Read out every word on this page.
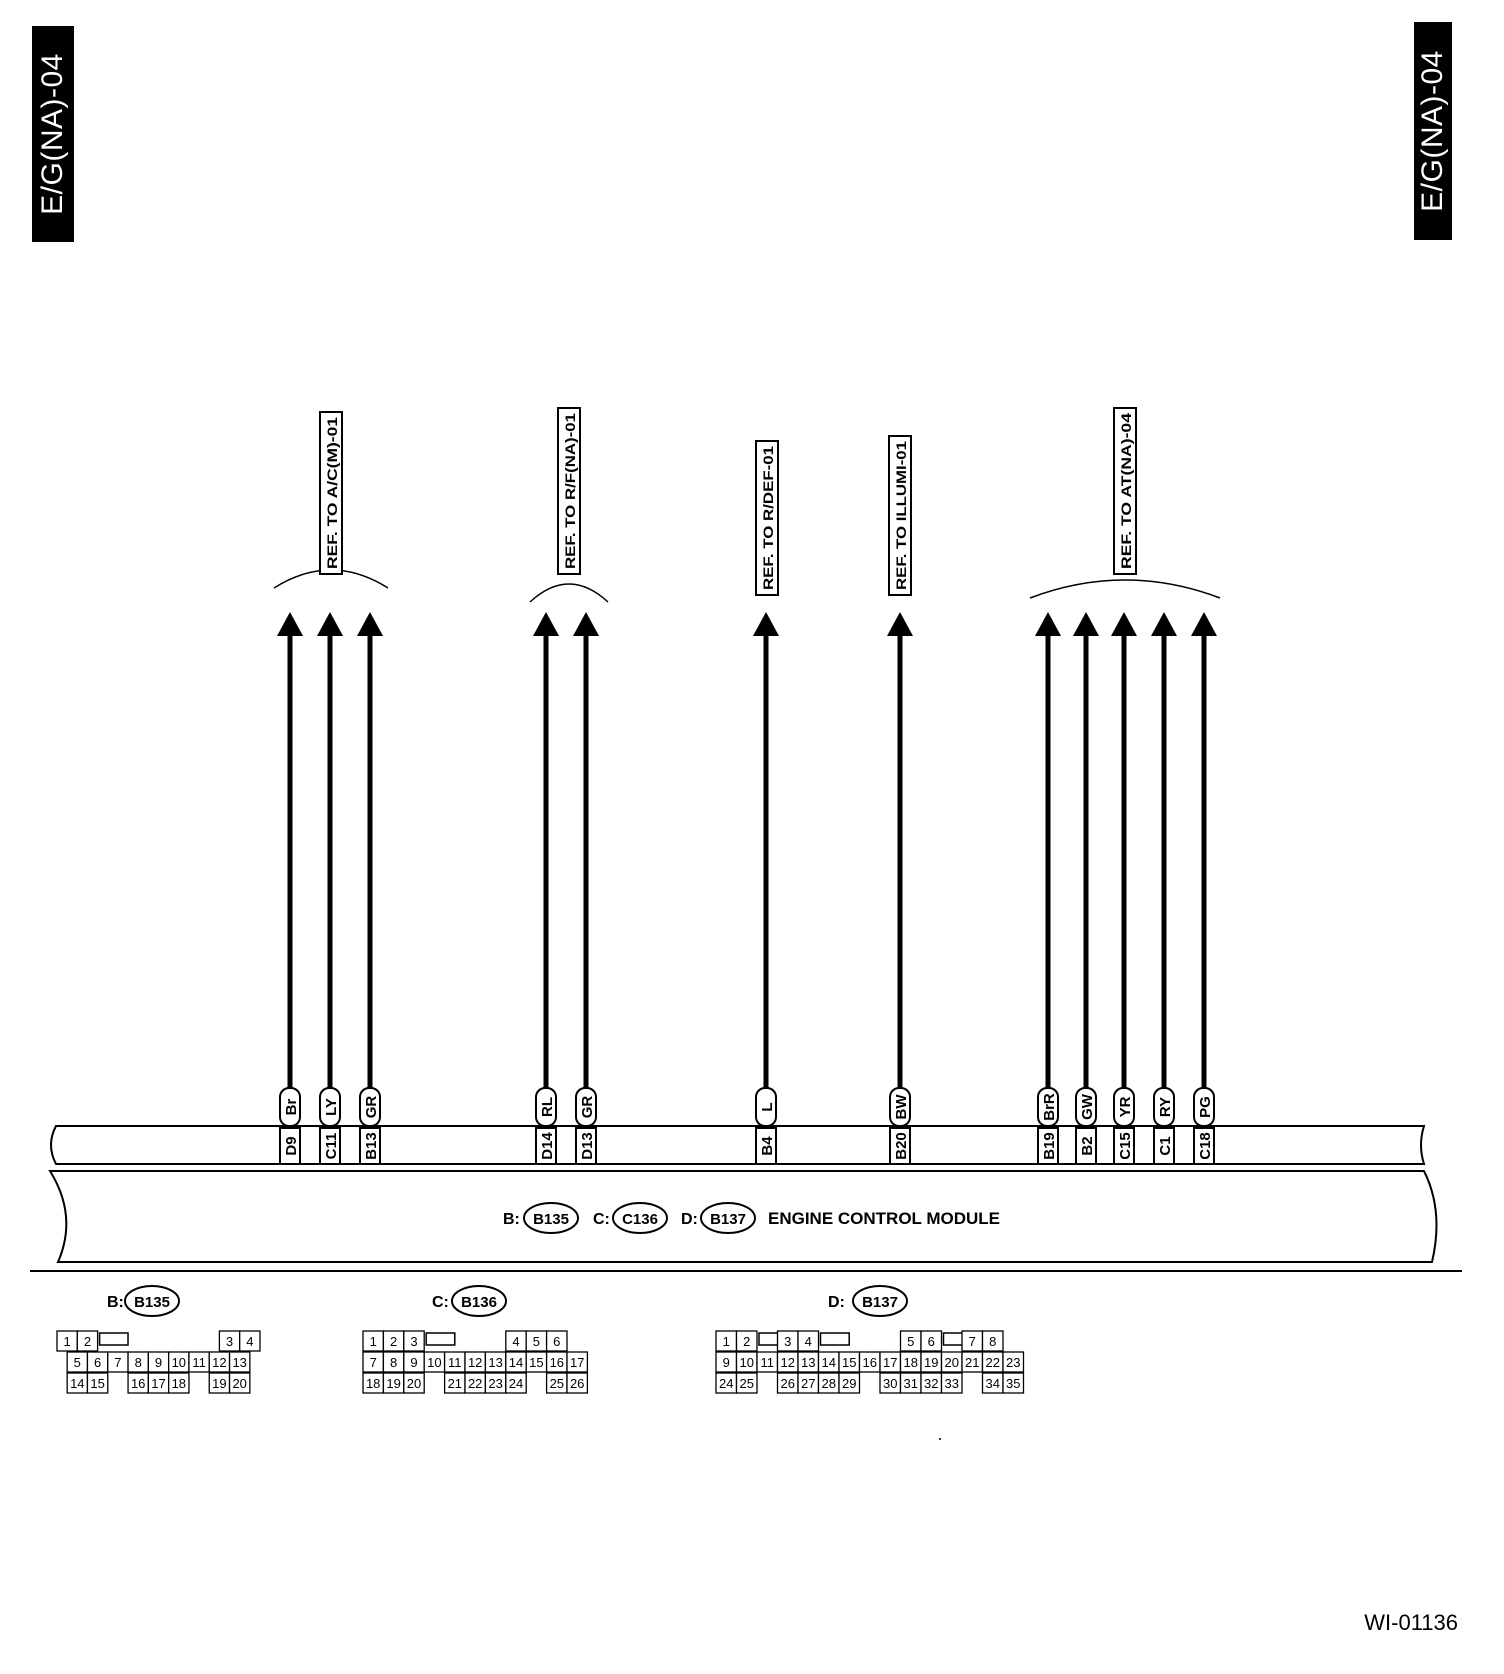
E/G(NA)-04	E/G(NA)-04
Br
D9
LY
C11
GR
B13
RL
D14
GR
D13
L
B4
BW
B20
BrR
B19
GW
B2
YR
C15
RY
C1
PG
C18
REF. TO A/C(M)-01	REF. TO R/F(NA)-01	REF. TO R/DEF-01	REF. TO ILLUMI-01	REF. TO AT(NA)-04
B: B135 C: C136 D: B137 ENGINE CONTROL MODULE
B: B135
1 2	3 4
5 6 7 8 9 10 11 12 13
14 15 16 17 18 19 20
C: B136
1 2 3	4 5 6
7 8 9 10 11 12 13 14 15 16 17
18 19 20 21 22 23 24 25 26
D: B137
1 2	3 4	5 6	7 8
9 10 11 12 13 14 15 16 17 18 19 20 21 22 23
24 25 26 27 28 29 30 31 32 33 34 35
WI-01136
